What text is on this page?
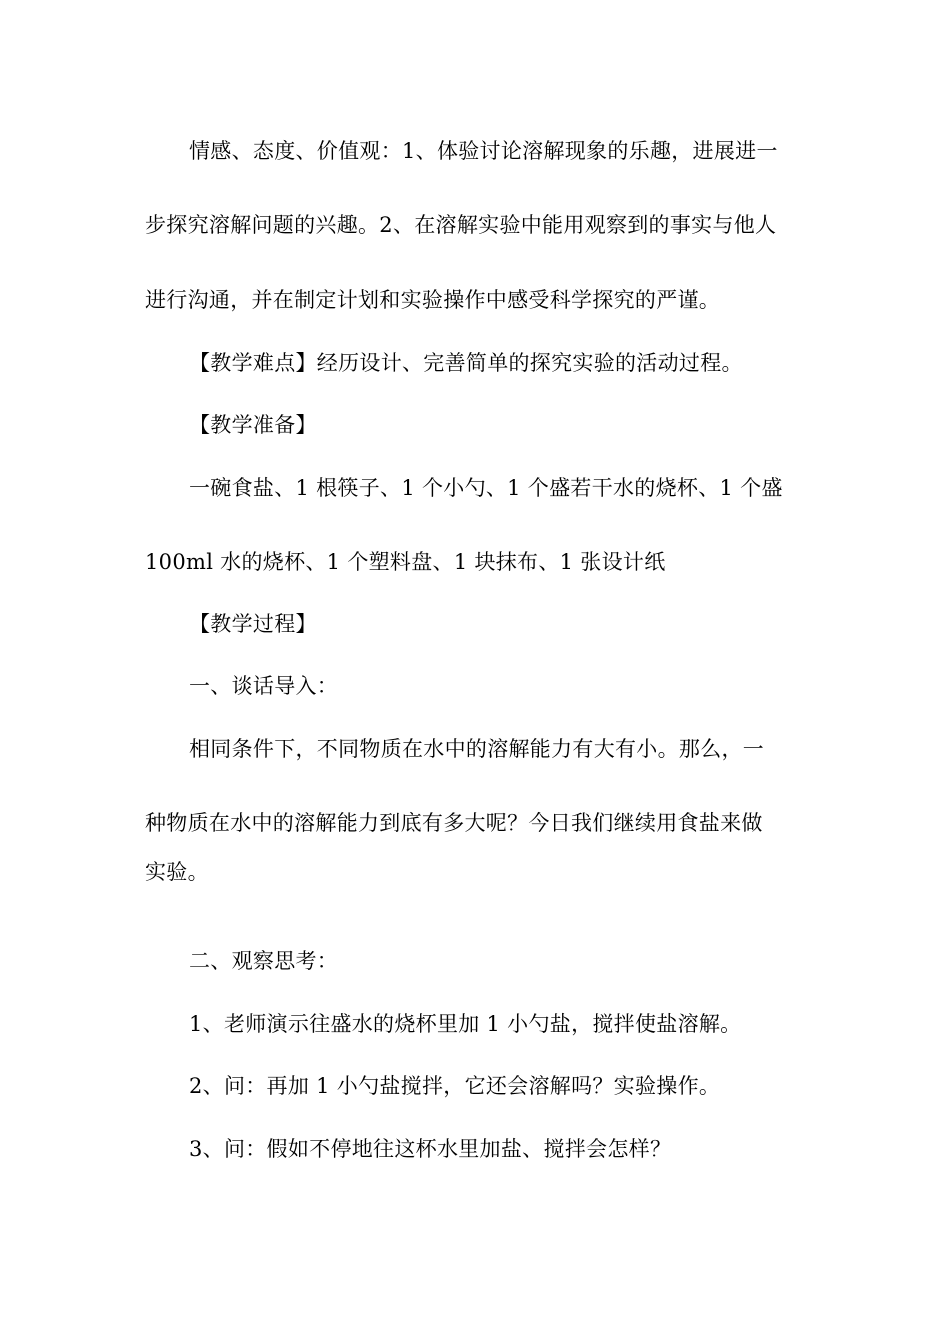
情感、态度、价值观：1、体验讨论溶解现象的乐趣，进展进一
步探究溶解问题的兴趣。2、在溶解实验中能用观察到的事实与他人
进行沟通，并在制定计划和实验操作中感受科学探究的严谨。
【教学难点】经历设计、完善简单的探究实验的活动过程。
【教学准备】
一碗食盐、1 根筷子、1 个小勺、1 个盛若干水的烧杯、1 个盛
100ml 水的烧杯、1 个塑料盘、1 块抹布、1 张设计纸
【教学过程】
一、谈话导入：
相同条件下，不同物质在水中的溶解能力有大有小。那么，一
种物质在水中的溶解能力到底有多大呢？今日我们继续用食盐来做
实验。
二、观察思考：
1、老师演示往盛水的烧杯里加 1 小勺盐，搅拌使盐溶解。
2、问：再加 1 小勺盐搅拌，它还会溶解吗？实验操作。
3、问：假如不停地往这杯水里加盐、搅拌会怎样？
